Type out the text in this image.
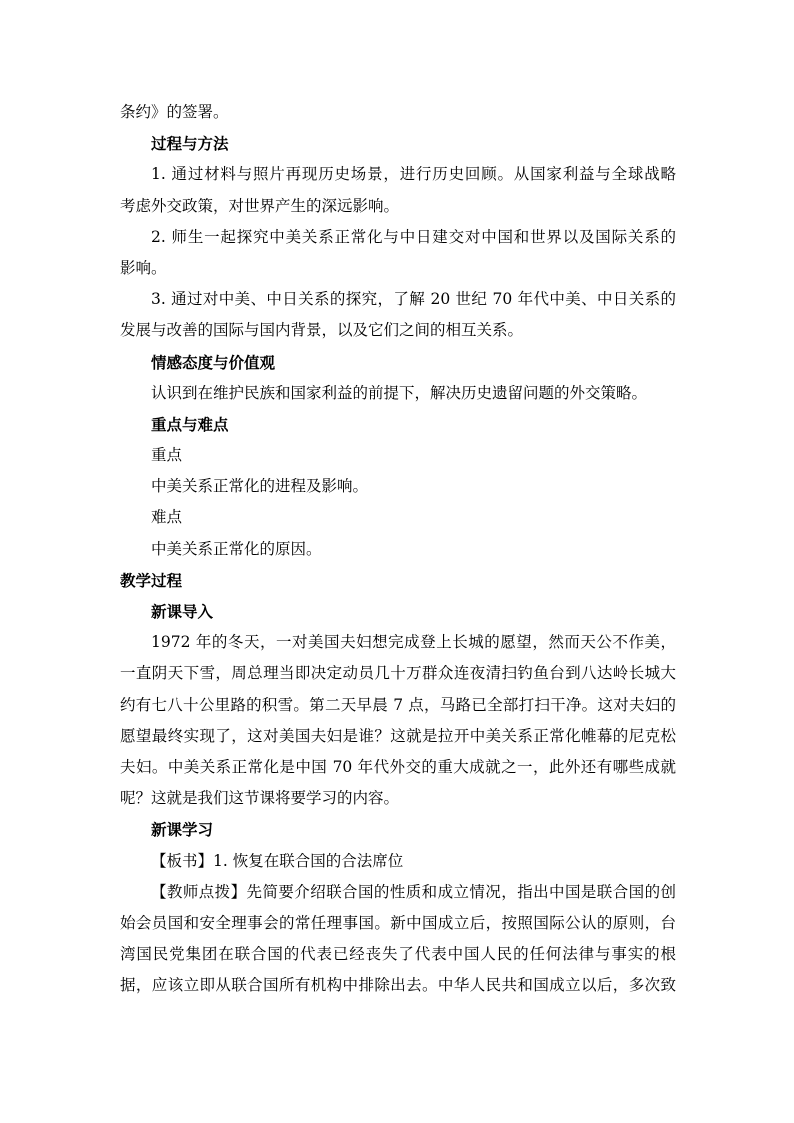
条约》的签署。
过程与方法
1. 通过材料与照片再现历史场景，进行历史回顾。从国家利益与全球战略
考虑外交政策，对世界产生的深远影响。
2. 师生一起探究中美关系正常化与中日建交对中国和世界以及国际关系的
影响。
3. 通过对中美、中日关系的探究，了解 20 世纪 70 年代中美、中日关系的
发展与改善的国际与国内背景，以及它们之间的相互关系。
情感态度与价值观
认识到在维护民族和国家利益的前提下，解决历史遗留问题的外交策略。
重点与难点
重点
中美关系正常化的进程及影响。
难点
中美关系正常化的原因。
教学过程
新课导入
1972 年的冬天，一对美国夫妇想完成登上长城的愿望，然而天公不作美，
一直阴天下雪，周总理当即决定动员几十万群众连夜清扫钓鱼台到八达岭长城大
约有七八十公里路的积雪。第二天早晨 7 点，马路已全部打扫干净。这对夫妇的
愿望最终实现了，这对美国夫妇是谁？这就是拉开中美关系正常化帷幕的尼克松
夫妇。中美关系正常化是中国 70 年代外交的重大成就之一，此外还有哪些成就
呢？这就是我们这节课将要学习的内容。
新课学习
【板书】1. 恢复在联合国的合法席位
【教师点拨】先简要介绍联合国的性质和成立情况，指出中国是联合国的创
始会员国和安全理事会的常任理事国。新中国成立后，按照国际公认的原则，台
湾国民党集团在联合国的代表已经丧失了代表中国人民的任何法律与事实的根
据，应该立即从联合国所有机构中排除出去。中华人民共和国成立以后，多次致
